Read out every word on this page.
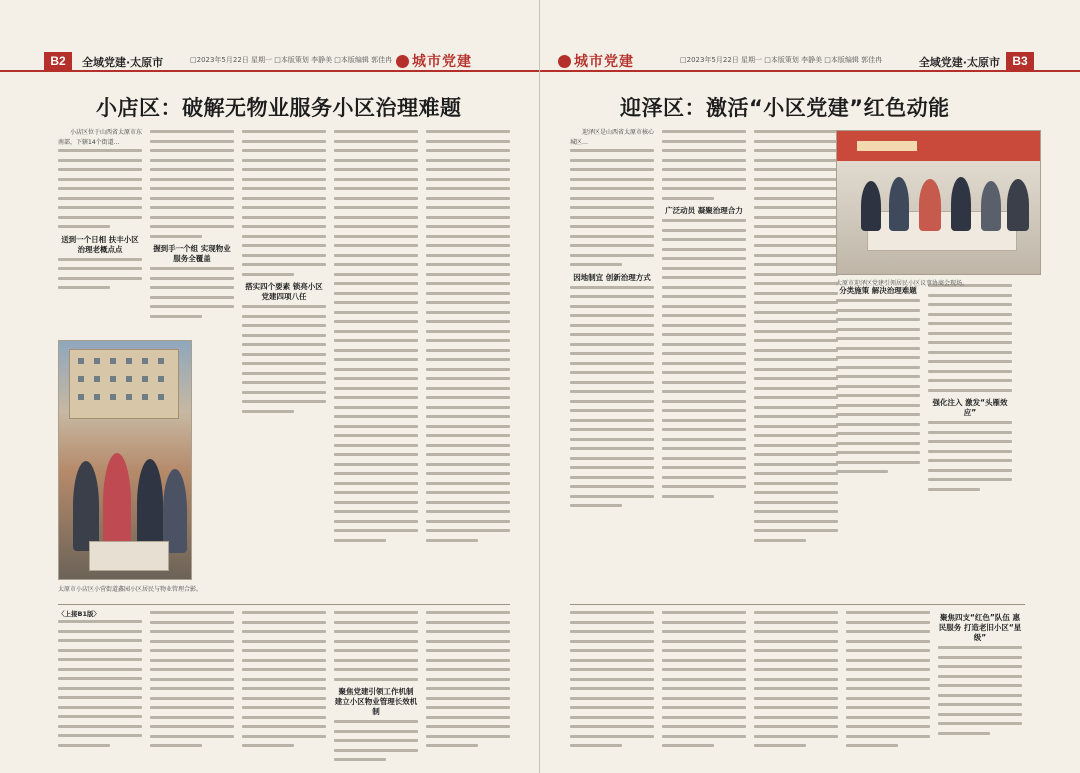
B2	全域党建·太原市	□2023年5月22日 星期一 □本版策划 李静美 □本版编辑 郭佳冉	城市党建
小店区：破解无物业服务小区治理难题
小店区位于山西省太原市东南部，下辖14个街道…
送到一个日相 扶丰小区治理老概点点	握到手一个组 实现物业服务全覆盖
搭实四个要素 锁亮小区党建四项八任
太原市小店区小营街道鑫园小区居民与物业管理合影。
〈上接B1版〉
聚焦党建引领工作机制 建立小区物业管理长效机制
城市党建	□2023年5月22日 星期一 □本版策划 李静美 □本版编辑 郭佳冉	全域党建·太原市	B3
迎泽区：激活“小区党建”红色动能
迎泽区是山西省太原市核心城区…
因地制宜 创新治理方式
广泛动员 凝聚治理合力
分类施策 解决治理难题
强化注入 激发“头雁效应”
太原市迎泽区党建引领居民小区议事协商会现场。
聚焦四支“红色”队伍 惠民服务 打造老旧小区“星级”
